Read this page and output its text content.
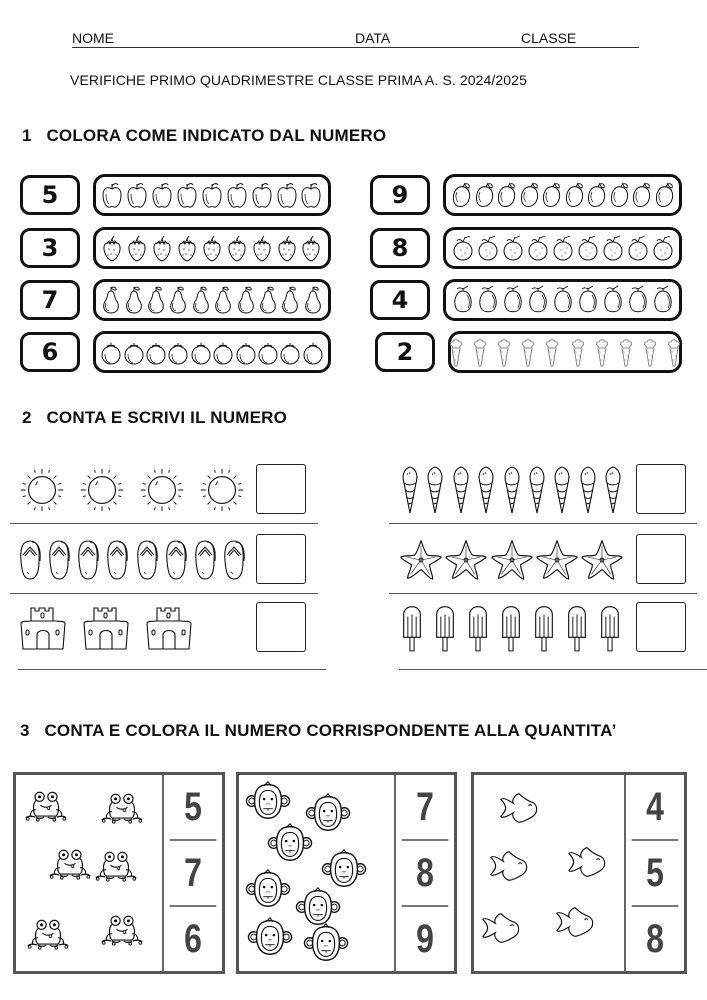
NOME	DATA	CLASSE
VERIFICHE PRIMO QUADRIMESTRE CLASSE PRIMA A. S. 2024/2025
1 COLORA COME INDICATO DAL NUMERO
5
3
7
6
9
8
4
2
2 CONTA E SCRIVI IL NUMERO
3 CONTA E COLORA IL NUMERO CORRISPONDENTE ALLA QUANTITA’
5
7
6
7
8
9
4
5
8
